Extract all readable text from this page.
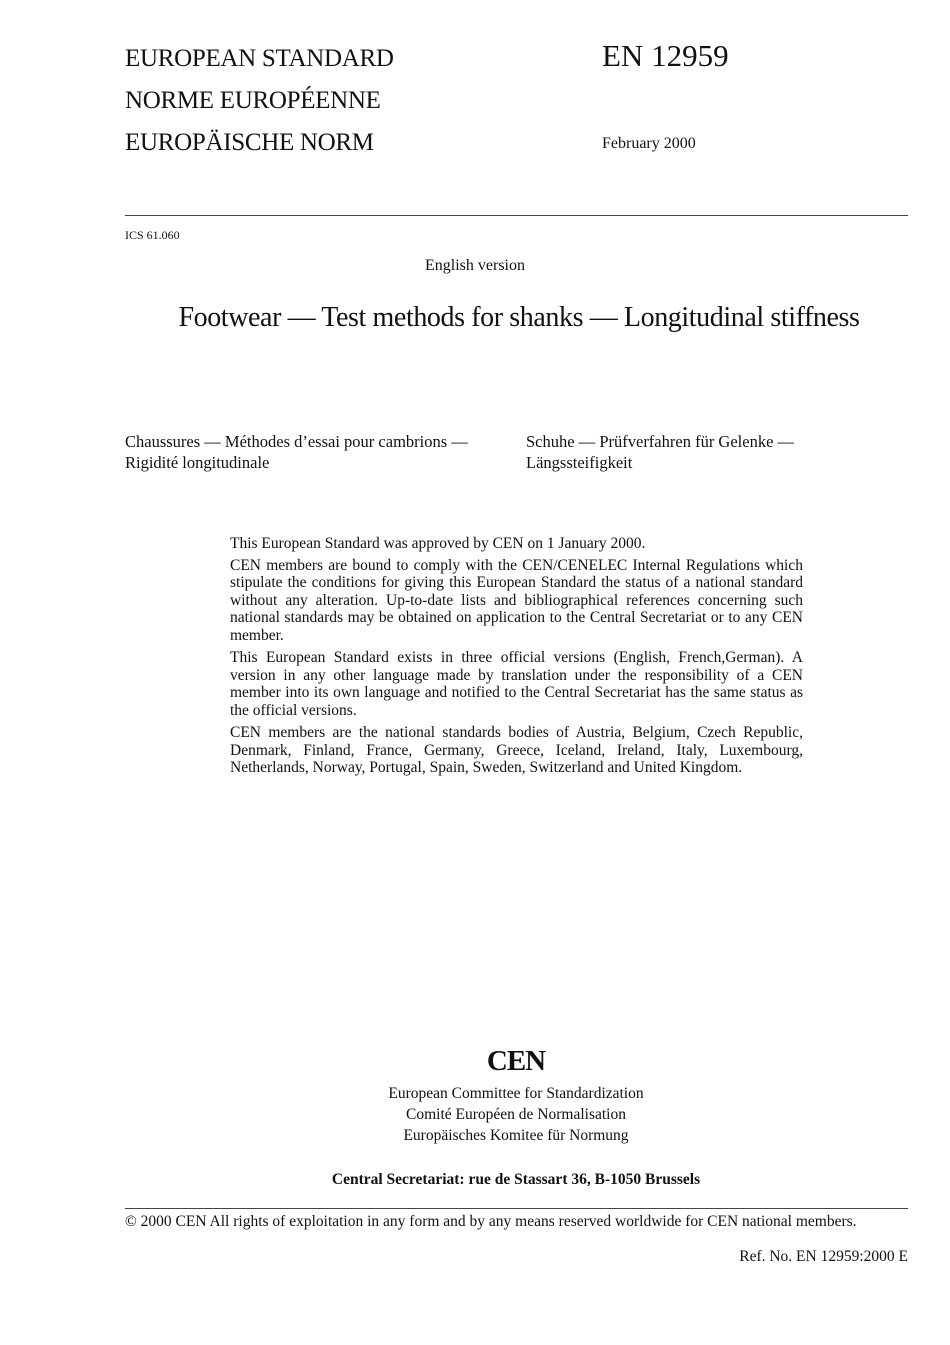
EUROPEAN STANDARD
NORME EUROPÉENNE
EUROPÄISCHE NORM
EN 12959
February 2000
ICS 61.060
English version
Footwear — Test methods for shanks — Longitudinal stiffness
Chaussures — Méthodes d’essai pour cambrions —
Rigidité longitudinale
Schuhe — Prüfverfahren für Gelenke —
Längssteifigkeit

This European Standard was approved by CEN on 1 January 2000.

CEN members are bound to comply with the CEN/CENELEC Internal Regulations which stipulate the conditions for giving this European Standard the status of a national standard without any alteration. Up-to-date lists and bibliographical references concerning such national standards may be obtained on application to the Central Secretariat or to any CEN member.

This European Standard exists in three official versions (English, French,German). A version in any other language made by translation under the responsibility of a CEN member into its own language and notified to the Central Secretariat has the same status as the official versions.

CEN members are the national standards bodies of Austria, Belgium, Czech Republic, Denmark, Finland, France, Germany, Greece, Iceland, Ireland, Italy, Luxembourg, Netherlands, Norway, Portugal, Spain, Sweden, Switzerland and United Kingdom.

CEN
European Committee for Standardization
Comité Européen de Normalisation
Europäisches Komitee für Normung
Central Secretariat: rue de Stassart 36, B-1050 Brussels
© 2000 CEN All rights of exploitation in any form and by any means reserved worldwide for CEN national members.
Ref. No. EN 12959:2000 E
